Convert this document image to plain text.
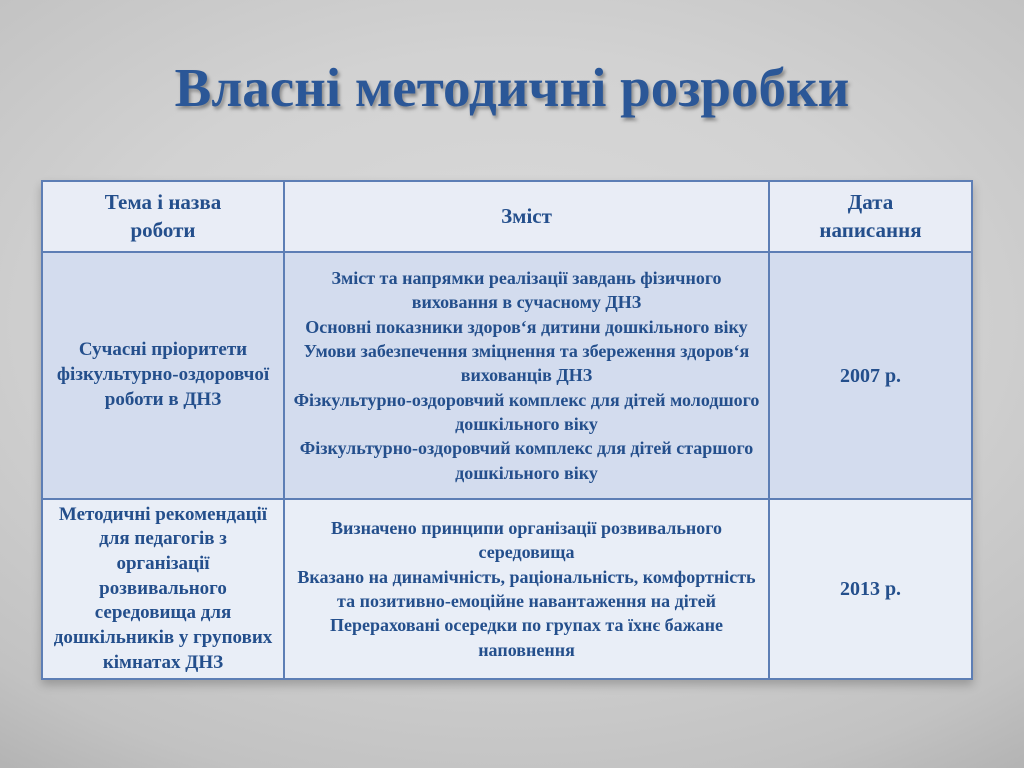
Власні методичні розробки
Тема і назва роботи
Зміст
Дата написання
Сучасні пріоритети фізкультурно-оздоровчої роботи в ДНЗ

Зміст та напрямки реалізації завдань фізичного виховання в сучасному ДНЗ

Основні показники здоров‘я дитини дошкільного віку

Умови забезпечення зміцнення та збереження здоров‘я вихованців ДНЗ

Фізкультурно-оздоровчий комплекс для дітей молодшого дошкільного віку

Фізкультурно-оздоровчий комплекс для дітей старшого дошкільного віку

2007 р.
Методичні рекомендації для педагогів з організації розвивального середовища для дошкільників у групових кімнатах ДНЗ

Визначено принципи організації розвивального середовища

Вказано на динамічність, раціональність, комфортність та позитивно-емоційне навантаження на дітей

Перераховані осередки по групах та їхнє бажане наповнення

2013 р.
